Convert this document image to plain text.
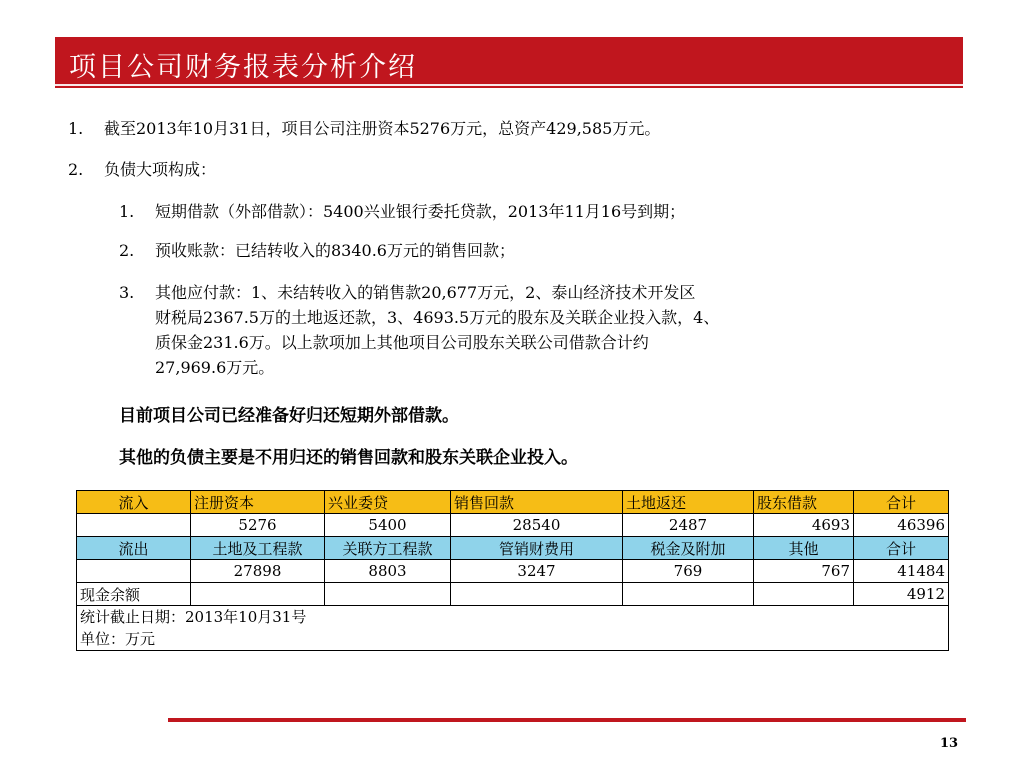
项目公司财务报表分析介绍
1. 截至2013年10月31日，项目公司注册资本5276万元，总资产429,585万元。
2. 负债大项构成：
1. 短期借款（外部借款）：5400兴业银行委托贷款，2013年11月16号到期；
2. 预收账款：已结转收入的8340.6万元的销售回款；
3. 其他应付款：1、未结转收入的销售款20,677万元，2、泰山经济技术开发区
财税局2367.5万的土地返还款，3、4693.5万元的股东及关联企业投入款，4、
质保金231.6万。以上款项加上其他项目公司股东关联公司借款合计约
27,969.6万元。
目前项目公司已经准备好归还短期外部借款。
其他的负债主要是不用归还的销售回款和股东关联企业投入。
流入	注册资本	兴业委贷	销售回款	土地返还	股东借款	合计
	5276	5400	28540	2487	4693	46396
流出	土地及工程款	关联方工程款	管销财费用	税金及附加	其他	合计
	27898	8803	3247	769	767	41484
现金余额						4912

统计截止日期：2013年10月31号
单位：万元						
13
